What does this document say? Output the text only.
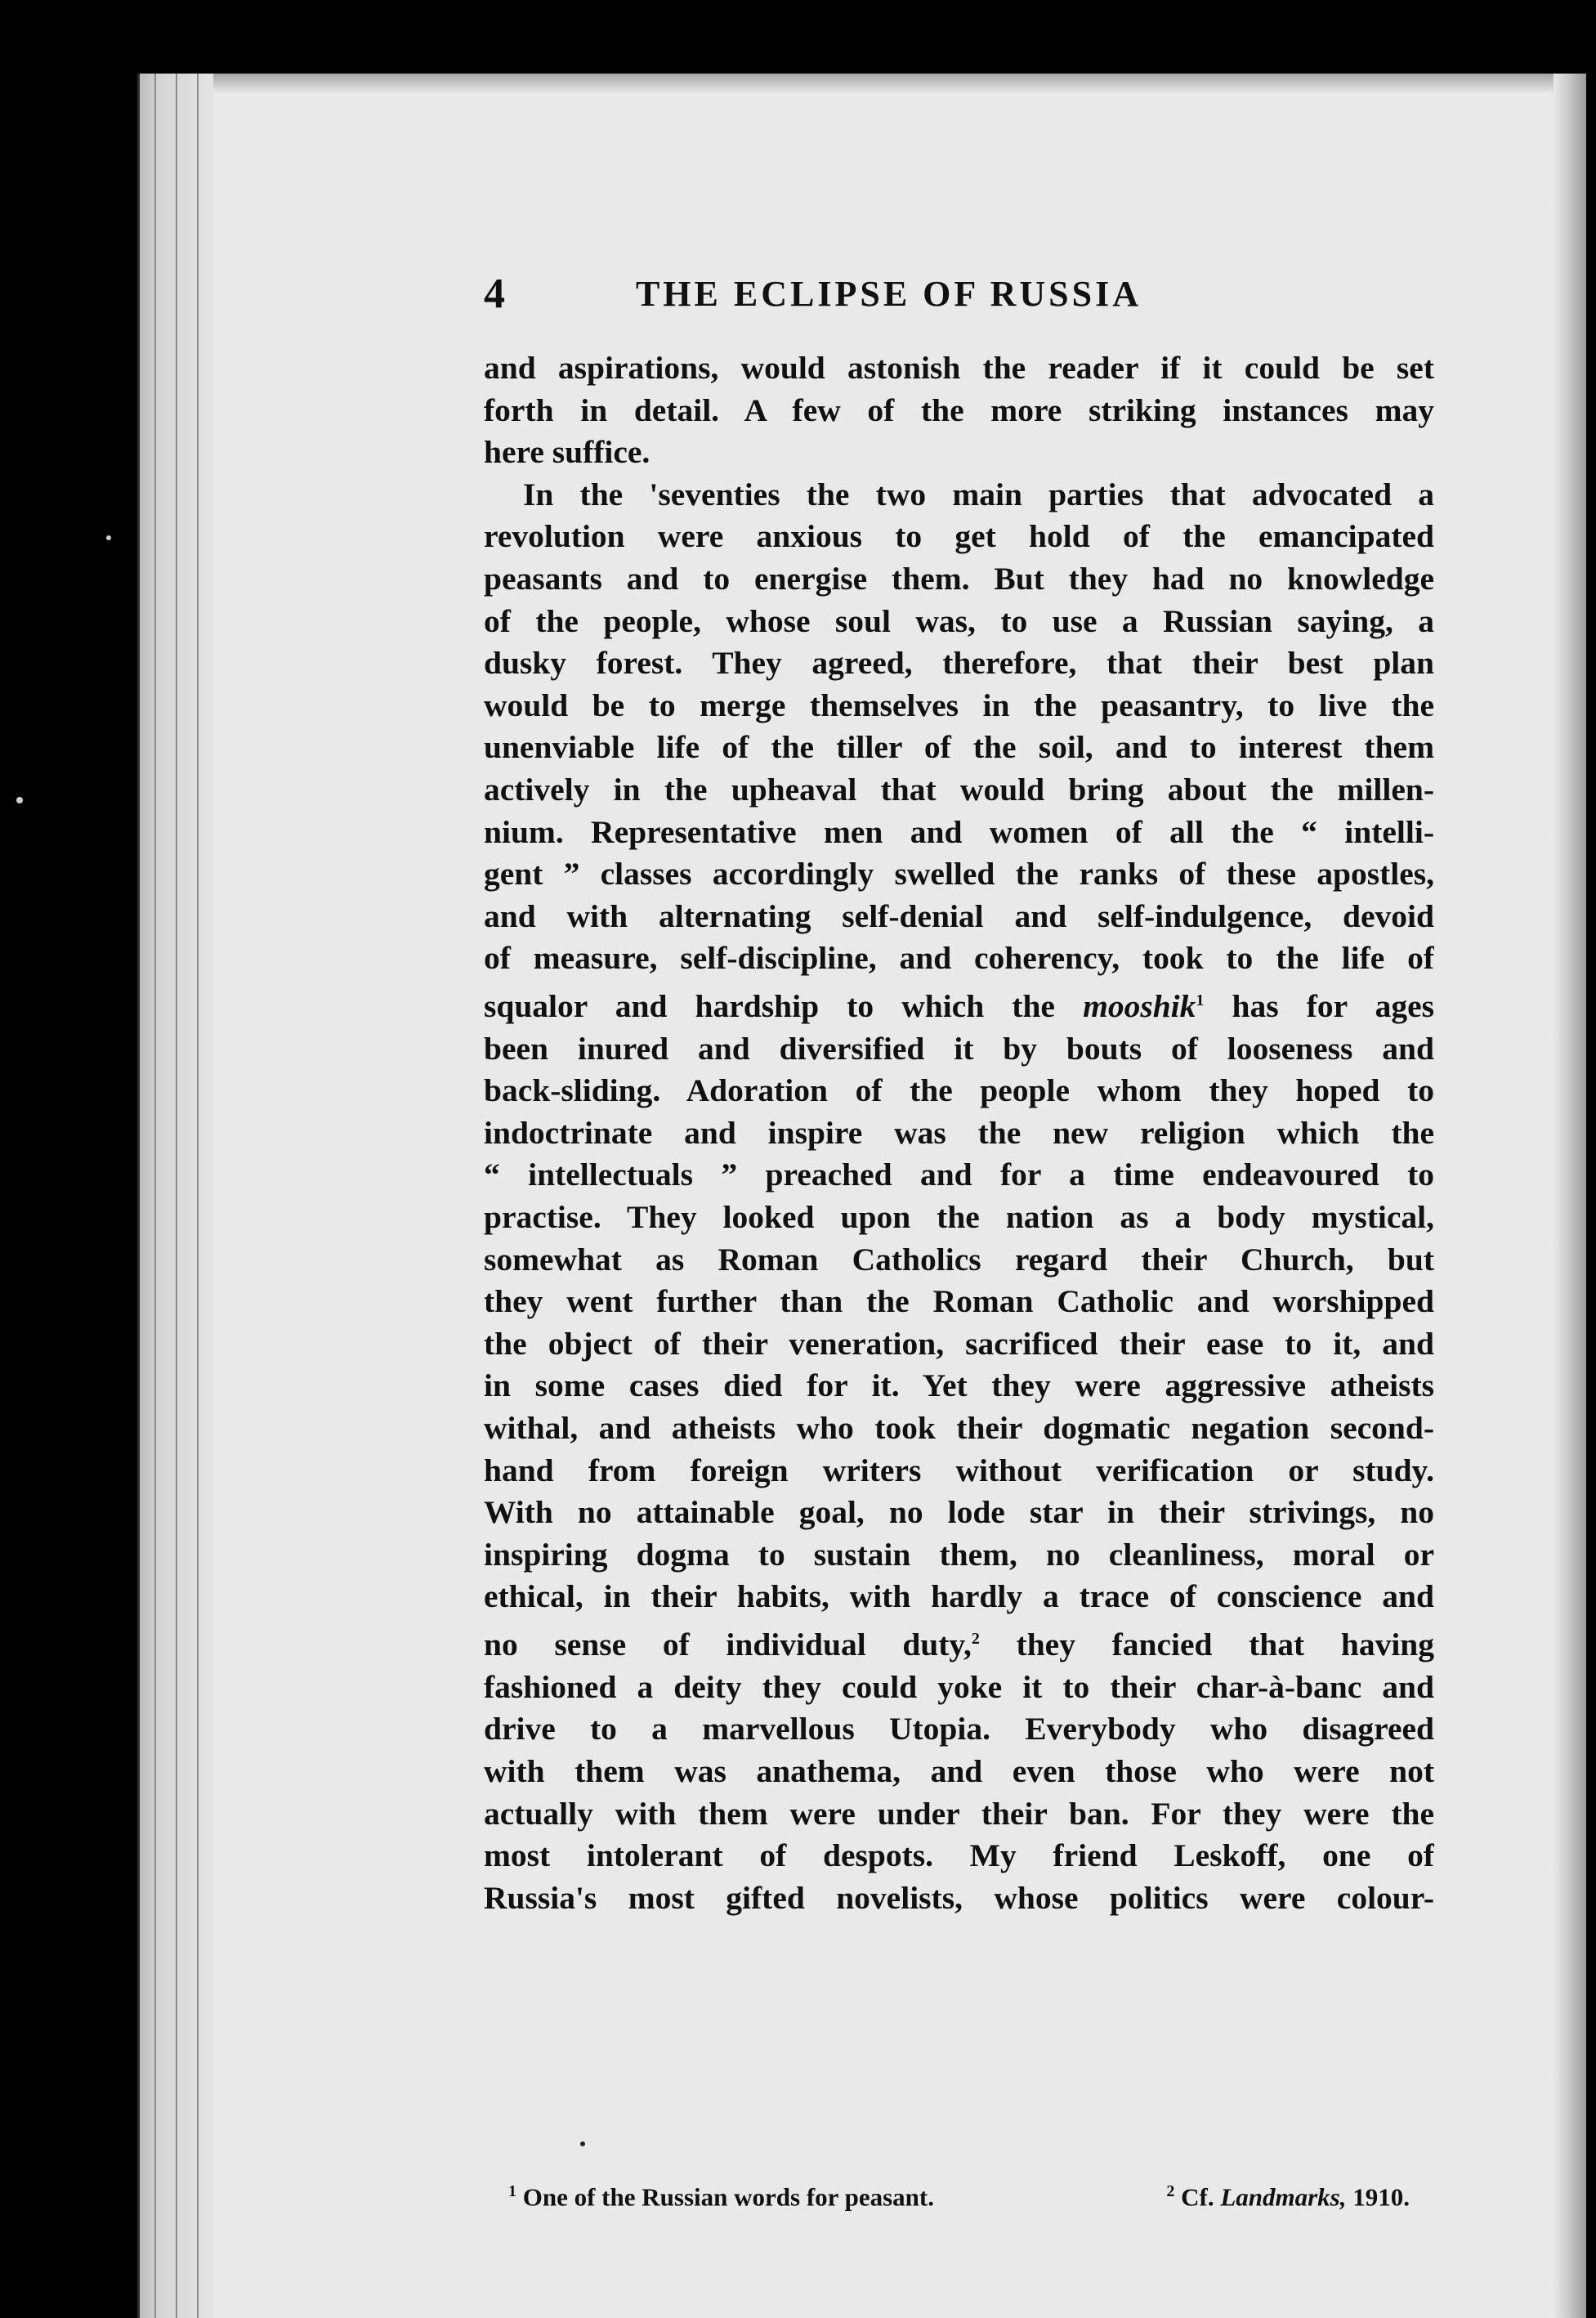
4	THE ECLIPSE OF RUSSIA
and aspirations, would astonish the reader if it could be set
forth in detail. A few of the more striking instances may
here suffice.
In the 'seventies the two main parties that advocated a
revolution were anxious to get hold of the emancipated
peasants and to energise them. But they had no knowledge
of the people, whose soul was, to use a Russian saying, a
dusky forest. They agreed, therefore, that their best plan
would be to merge themselves in the peasantry, to live the
unenviable life of the tiller of the soil, and to interest them
actively in the upheaval that would bring about the millen-
nium. Representative men and women of all the “ intelli-
gent ” classes accordingly swelled the ranks of these apostles,
and with alternating self-denial and self-indulgence, devoid
of measure, self-discipline, and coherency, took to the life of
squalor and hardship to which the mooshik$^1$ has for ages
been inured and diversified it by bouts of looseness and
back-sliding. Adoration of the people whom they hoped to
indoctrinate and inspire was the new religion which the
“ intellectuals ” preached and for a time endeavoured to
practise. They looked upon the nation as a body mystical,
somewhat as Roman Catholics regard their Church, but
they went further than the Roman Catholic and worshipped
the object of their veneration, sacrificed their ease to it, and
in some cases died for it. Yet they were aggressive atheists
withal, and atheists who took their dogmatic negation second-
hand from foreign writers without verification or study.
With no attainable goal, no lode star in their strivings, no
inspiring dogma to sustain them, no cleanliness, moral or
ethical, in their habits, with hardly a trace of conscience and
no sense of individual duty,$^2$ they fancied that having
fashioned a deity they could yoke it to their char-à-banc and
drive to a marvellous Utopia. Everybody who disagreed
with them was anathema, and even those who were not
actually with them were under their ban. For they were the
most intolerant of despots. My friend Leskoff, one of
Russia's most gifted novelists, whose politics were colour-
$^1$ One of the Russian words for peasant.	$^2$ Cf. Landmarks, 1910.
